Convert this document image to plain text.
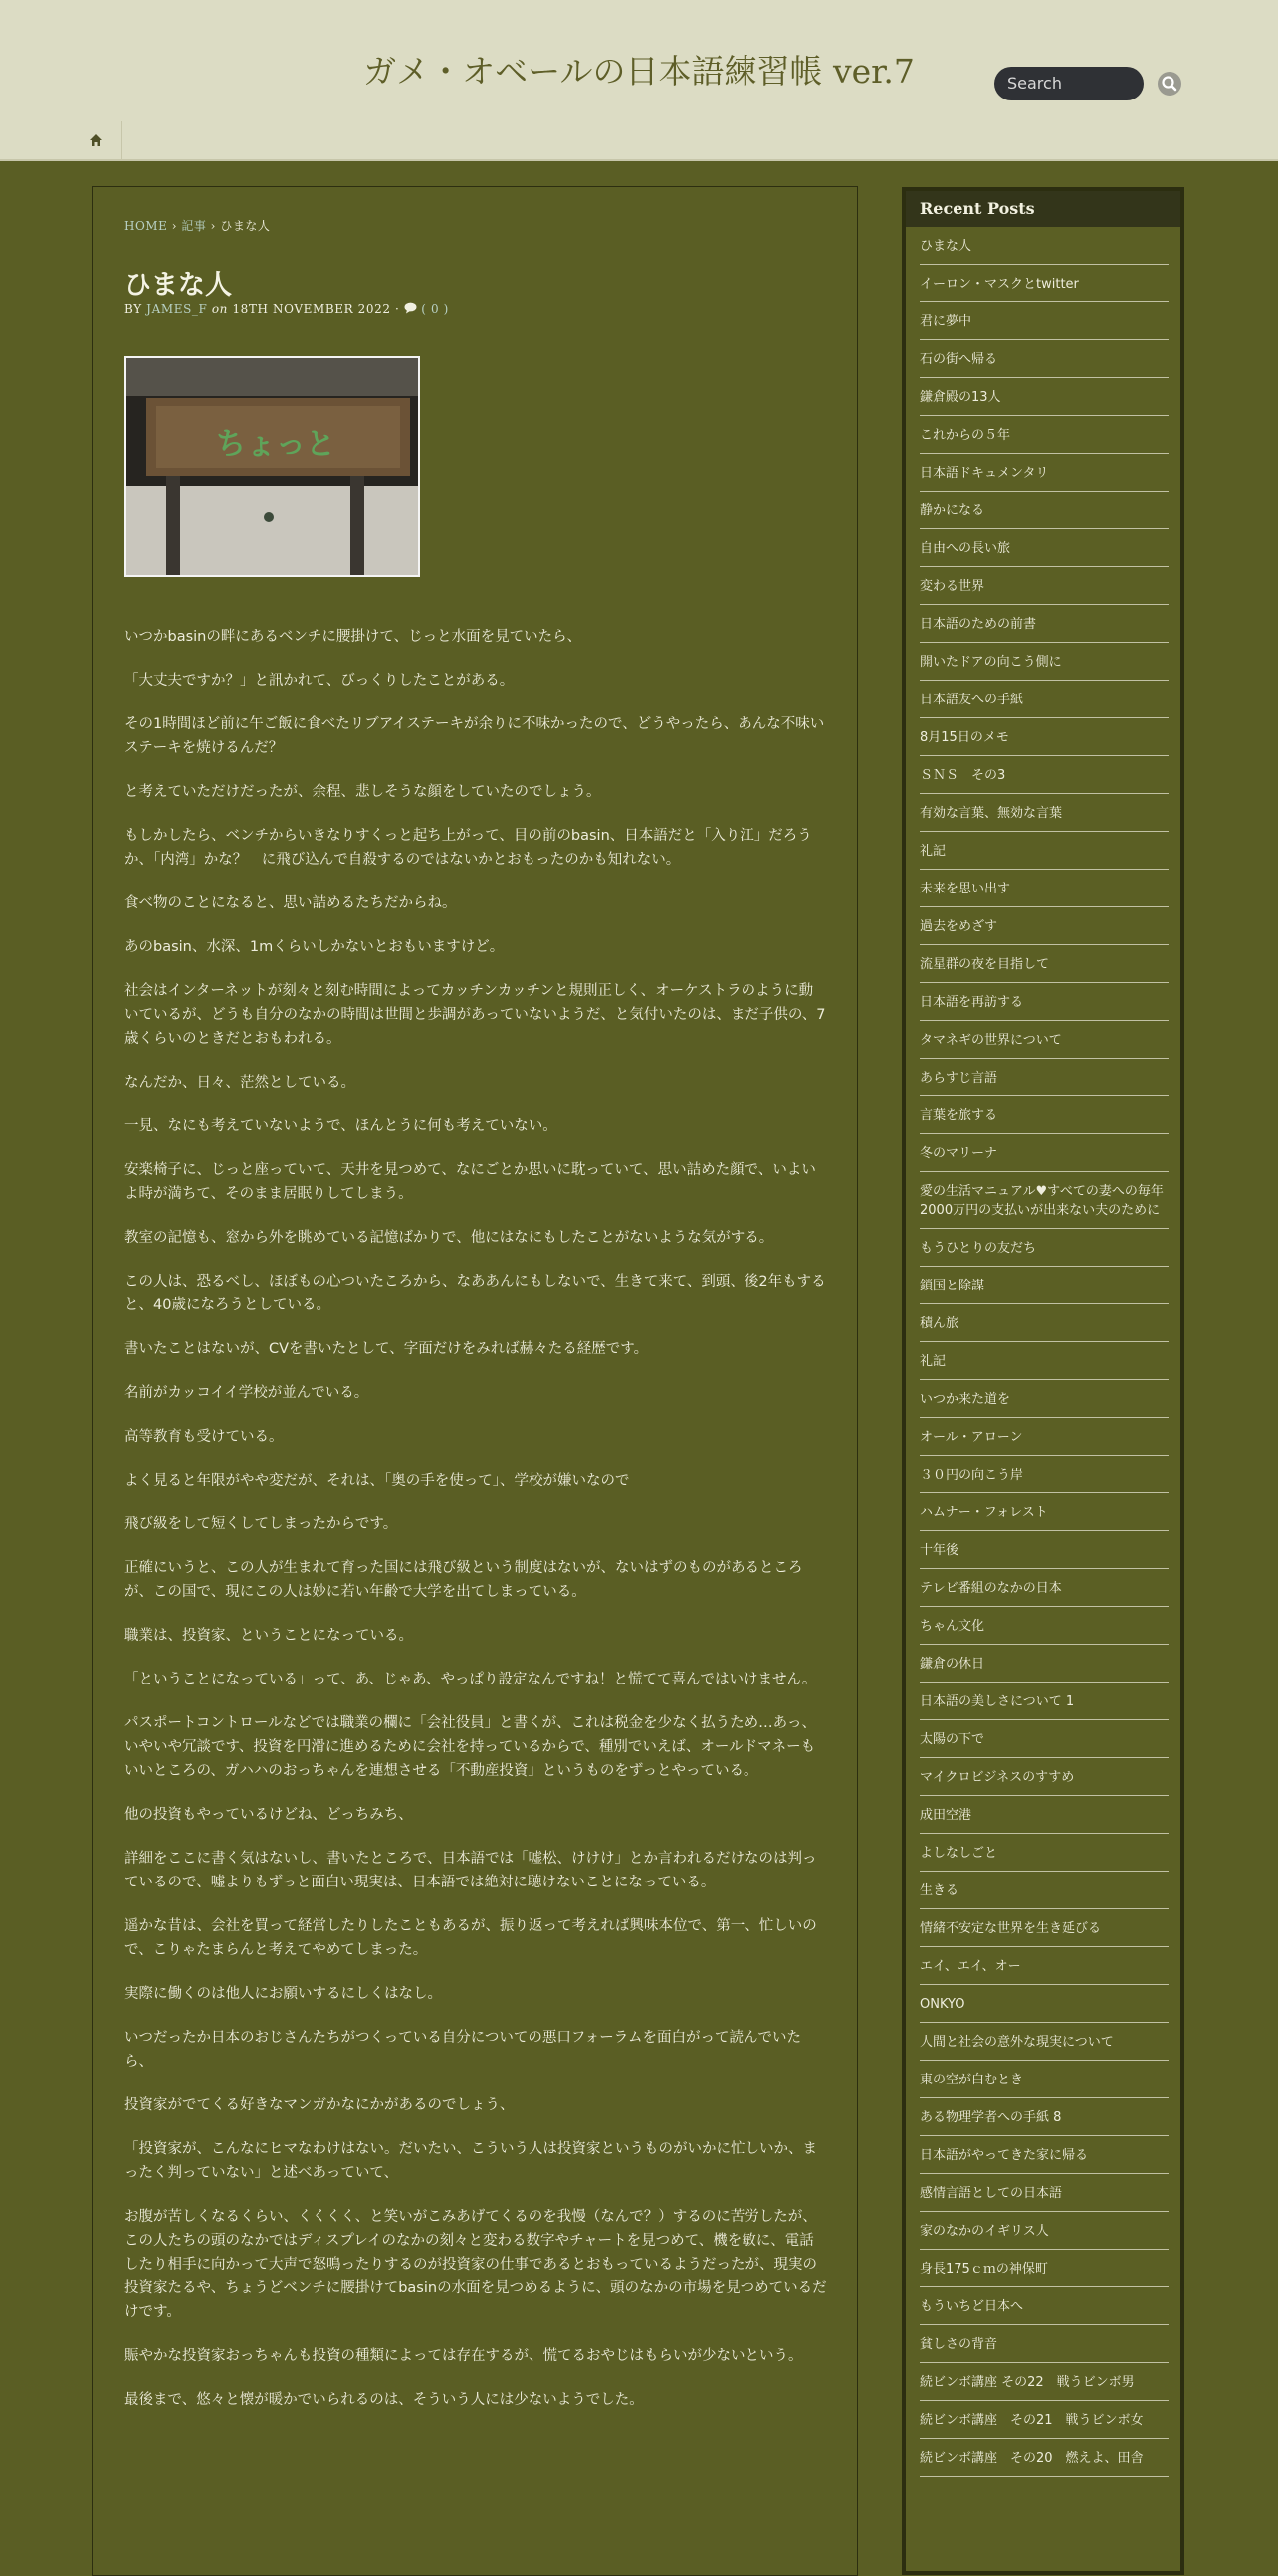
ガメ・オベールの日本語練習帳 ver.7	Search
HOME › 記事 › ひまな人
ひまな人
BY JAMES_F on 18TH NOVEMBER 2022 · ( 0 )
ちょっと

いつかbasinの畔にあるベンチに腰掛けて、じっと水面を見ていたら、

「大丈夫ですか？」と訊かれて、びっくりしたことがある。

その1時間ほど前に午ご飯に食べたリブアイステーキが余りに不味かったので、どうやったら、あんな不味いステーキを焼けるんだ？

と考えていただけだったが、余程、悲しそうな顔をしていたのでしょう。

もしかしたら、ベンチからいきなりすくっと起ち上がって、目の前のbasin、日本語だと「入り江」だろうか、「内湾」かな？　に飛び込んで自殺するのではないかとおもったのかも知れない。

食べ物のことになると、思い詰めるたちだからね。

あのbasin、水深、1mくらいしかないとおもいますけど。

社会はインターネットが刻々と刻む時間によってカッチンカッチンと規則正しく、オーケストラのように動いているが、どうも自分のなかの時間は世間と歩調があっていないようだ、と気付いたのは、まだ子供の、7歳くらいのときだとおもわれる。

なんだか、日々、茫然としている。

一見、なにも考えていないようで、ほんとうに何も考えていない。

安楽椅子に、じっと座っていて、天井を見つめて、なにごとか思いに耽っていて、思い詰めた顔で、いよいよ時が満ちて、そのまま居眠りしてしまう。

教室の記憶も、窓から外を眺めている記憶ばかりで、他にはなにもしたことがないような気がする。

この人は、恐るべし、ほぼもの心ついたころから、なああんにもしないで、生きて来て、到頭、後2年もすると、40歳になろうとしている。

書いたことはないが、CVを書いたとして、字面だけをみれば赫々たる経歴です。

名前がカッコイイ学校が並んでいる。

高等教育も受けている。

よく見ると年限がやや変だが、それは、「奥の手を使って」、学校が嫌いなので

飛び級をして短くしてしまったからです。

正確にいうと、この人が生まれて育った国には飛び級という制度はないが、ないはずのものがあるところが、この国で、現にこの人は妙に若い年齢で大学を出てしまっている。

職業は、投資家、ということになっている。

「ということになっている」って、あ、じゃあ、やっぱり設定なんですね！と慌てて喜んではいけません。

パスポートコントロールなどでは職業の欄に「会社役員」と書くが、これは税金を少なく払うため…あっ、いやいや冗談です、投資を円滑に進めるために会社を持っているからで、種別でいえば、オールドマネーもいいところの、ガハハのおっちゃんを連想させる「不動産投資」というものをずっとやっている。

他の投資もやっているけどね、どっちみち、

詳細をここに書く気はないし、書いたところで、日本語では「嘘松、けけけ」とか言われるだけなのは判っているので、嘘よりもずっと面白い現実は、日本語では絶対に聴けないことになっている。

遥かな昔は、会社を買って経営したりしたこともあるが、振り返って考えれば興味本位で、第一、忙しいので、こりゃたまらんと考えてやめてしまった。

実際に働くのは他人にお願いするにしくはなし。

いつだったか日本のおじさんたちがつくっている自分についての悪口フォーラムを面白がって読んでいたら、

投資家がでてくる好きなマンガかなにかがあるのでしょう、

「投資家が、こんなにヒマなわけはない。だいたい、こういう人は投資家というものがいかに忙しいか、まったく判っていない」と述べあっていて、

お腹が苦しくなるくらい、くくくく、と笑いがこみあげてくるのを我慢（なんで？）するのに苦労したが、この人たちの頭のなかではディスプレイのなかの刻々と変わる数字やチャートを見つめて、機を敏に、電話したり相手に向かって大声で怒鳴ったりするのが投資家の仕事であるとおもっているようだったが、現実の投資家たるや、ちょうどベンチに腰掛けてbasinの水面を見つめるように、頭のなかの市場を見つめているだけです。

賑やかな投資家おっちゃんも投資の種類によっては存在するが、慌てるおやじはもらいが少ないという。

最後まで、悠々と懐が暖かでいられるのは、そういう人には少ないようでした。

Recent Posts
ひまな人
イーロン・マスクとtwitter
君に夢中
石の街へ帰る
鎌倉殿の13人
これからの５年
日本語ドキュメンタリ
静かになる
自由への長い旅
変わる世界
日本語のための前書
開いたドアの向こう側に
日本語友への手紙
8月15日のメモ
ＳＮＳ　その3
有効な言葉、無効な言葉
礼記
未来を思い出す
過去をめざす
流星群の夜を目指して
日本語を再訪する
タマネギの世界について
あらすじ言語
言葉を旅する
冬のマリーナ
愛の生活マニュアル♥すべての妻への毎年2000万円の支払いが出来ない夫のために
もうひとりの友だち
鎖国と除謀
積ん旅
礼記
いつか来た道を
オール・アローン
３０円の向こう岸
ハムナー・フォレスト
十年後
テレビ番組のなかの日本
ちゃん文化
鎌倉の休日
日本語の美しさについて 1
太陽の下で
マイクロビジネスのすすめ
成田空港
よしなしごと
生きる
情緒不安定な世界を生き延びる
エイ、エイ、オー
ONKYO
人間と社会の意外な現実について
東の空が白むとき
ある物理学者への手紙 8
日本語がやってきた家に帰る
感情言語としての日本語
家のなかのイギリス人
身長175ｃｍの神保町
もういちど日本へ
貧しさの背音
続ビンボ講座 その22　戦うビンボ男
続ビンボ講座　その21　戦うビンボ女
続ビンボ講座　その20　燃えよ、田舎
